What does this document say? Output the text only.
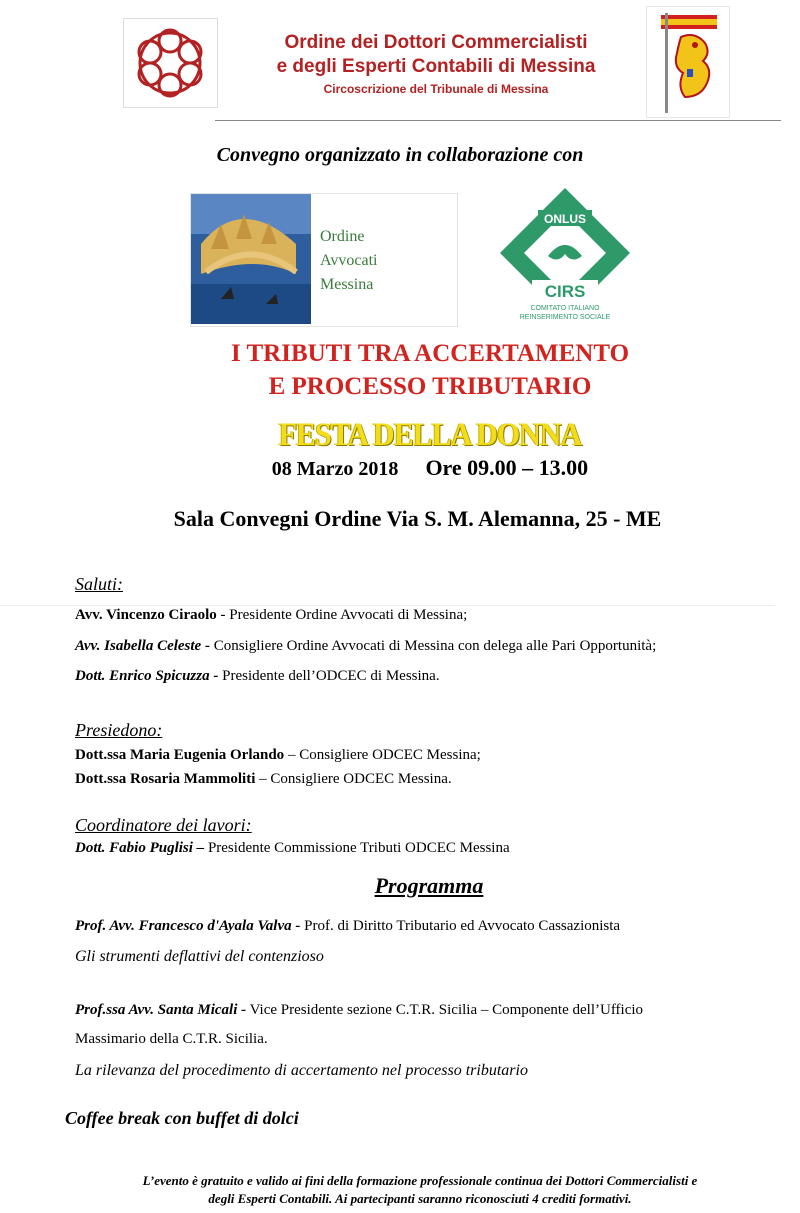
Ordine dei Dottori Commercialisti
e degli Esperti Contabili di Messina
Circoscrizione del Tribunale di Messina
Convegno organizzato in collaborazione con
Ordine
Avvocati
Messina
ONLUS
CIRS
COMITATO ITALIANO
REINSERIMENTO SOCIALE
I TRIBUTI TRA ACCERTAMENTO
E PROCESSO TRIBUTARIO
FESTA DELLA DONNA
08 Marzo 2018 Ore 09.00 – 13.00
Sala Convegni Ordine Via S. M. Alemanna, 25 - ME
Saluti:
Avv. Vincenzo Ciraolo - Presidente Ordine Avvocati di Messina;
Avv. Isabella Celeste - Consigliere Ordine Avvocati di Messina con delega alle Pari Opportunità;
Dott. Enrico Spicuzza - Presidente dell’ODCEC di Messina.
Presiedono:
Dott.ssa Maria Eugenia Orlando – Consigliere ODCEC Messina;
Dott.ssa Rosaria Mammoliti – Consigliere ODCEC Messina.
Coordinatore dei lavori:
Dott. Fabio Puglisi – Presidente Commissione Tributi ODCEC Messina
Programma
Prof. Avv. Francesco d'Ayala Valva - Prof. di Diritto Tributario ed Avvocato Cassazionista
Gli strumenti deflattivi del contenzioso
Prof.ssa Avv. Santa Micali - Vice Presidente sezione C.T.R. Sicilia – Componente dell’Ufficio
Massimario della C.T.R. Sicilia.
La rilevanza del procedimento di accertamento nel processo tributario
Coffee break con buffet di dolci
L’evento è gratuito e valido ai fini della formazione professionale continua dei Dottori Commercialisti e
degli Esperti Contabili. Ai partecipanti saranno riconosciuti 4 crediti formativi.
